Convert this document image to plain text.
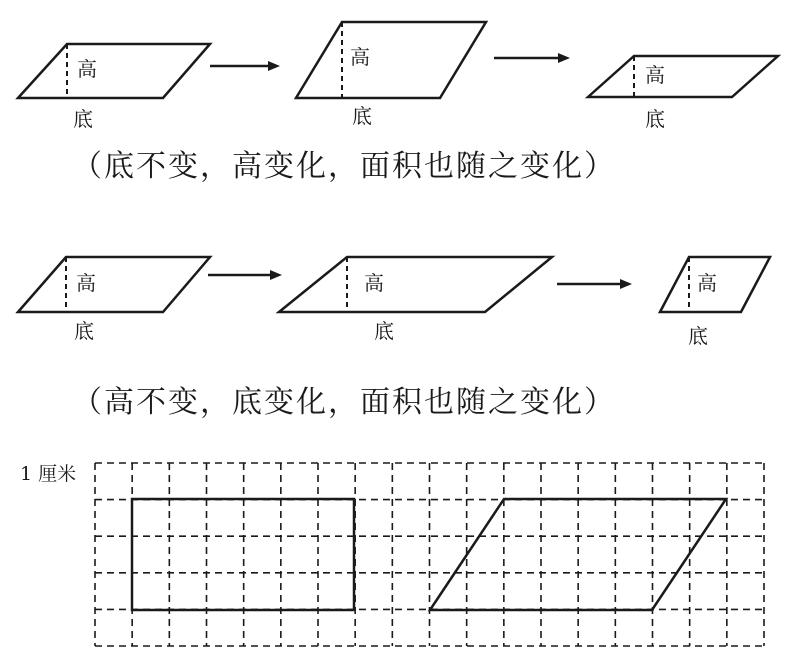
高
底
高
底
高
底
（底不变，高变化，面积也随之变化）
高
底
高
底
高
底
（高不变，底变化，面积也随之变化）
1 厘米
